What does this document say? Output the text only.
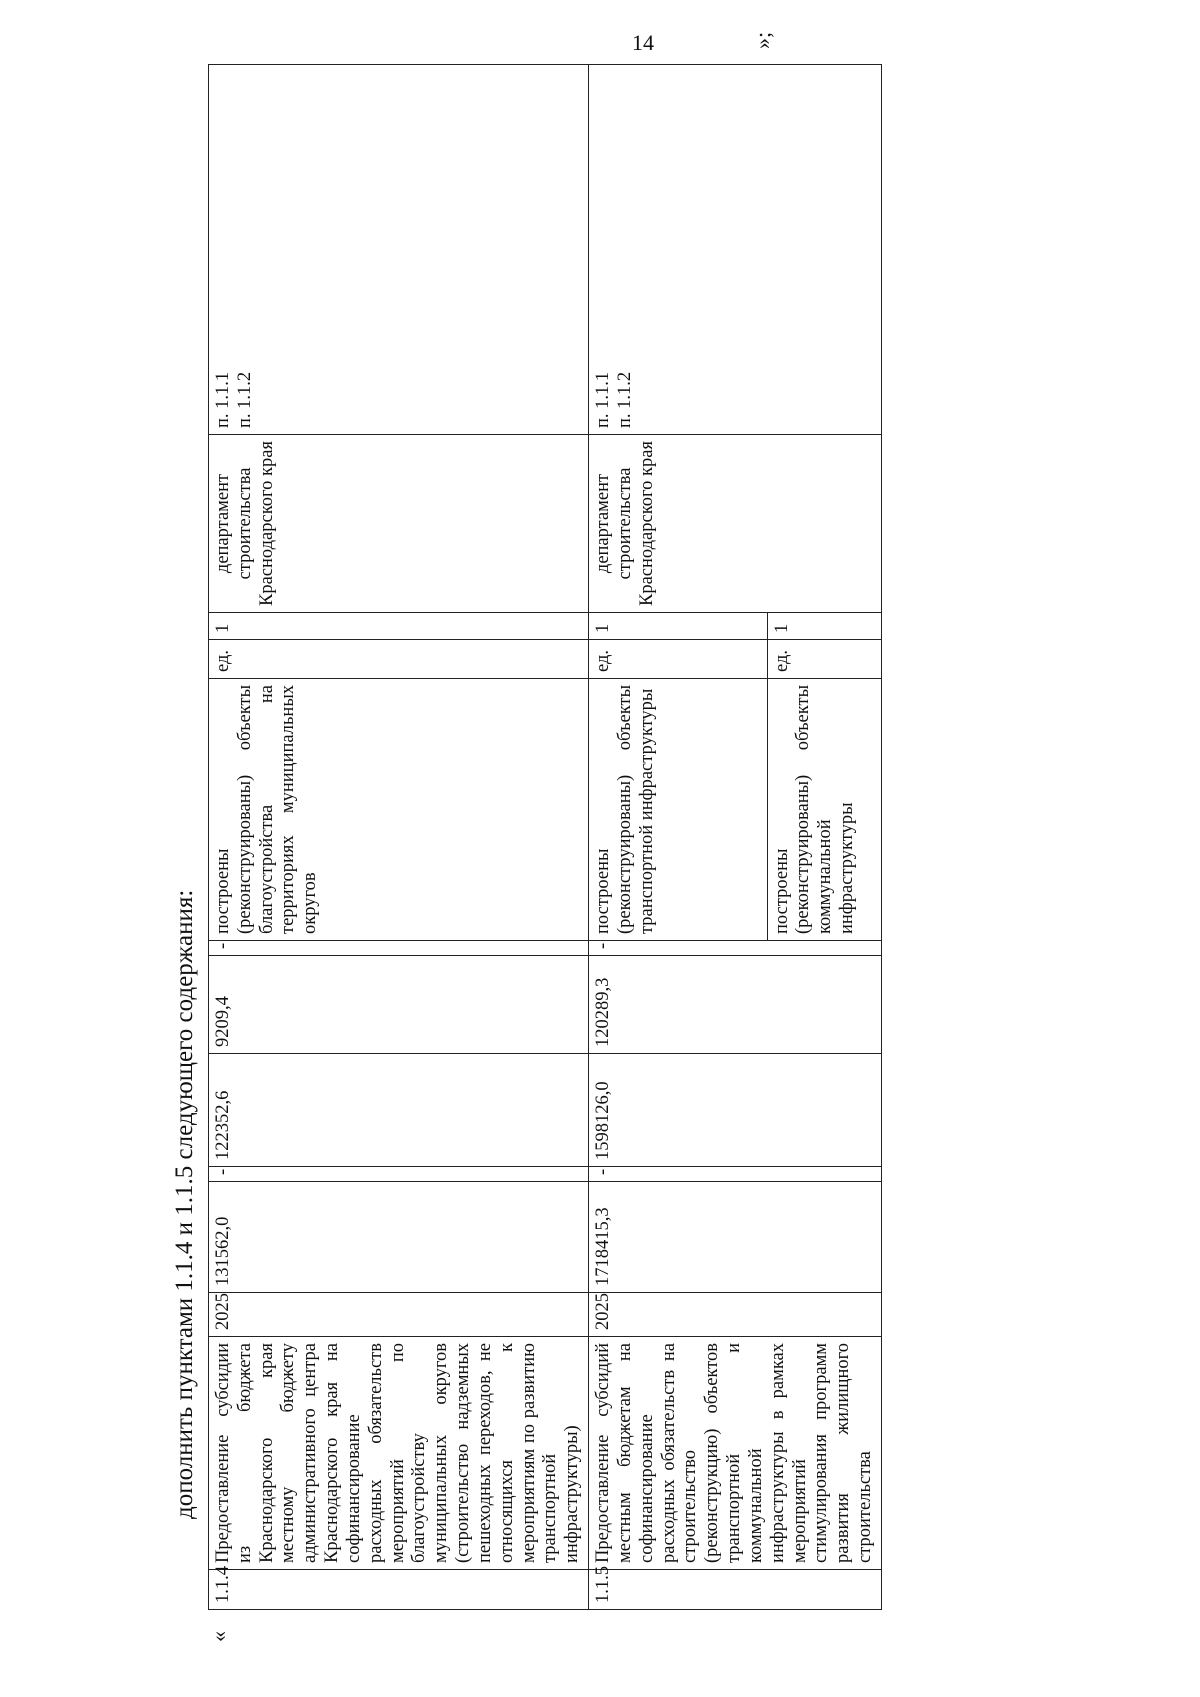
14
дополнить пунктами 1.1.4 и 1.1.5 следующего содержания:
«
1.1.4	Предоставление субсидии из бюджета Краснодарского края местному бюджету административного центра Краснодарского края на софинансирование расходных обязательств мероприятий по благоустройству муниципальных округов (строительство надземных пешеходных переходов, не относящихся к мероприятиям по развитию транспортной инфраструктуры)	2025	131562,0	-	122352,6	9209,4	-	построены (реконструированы) объекты благоустройства на территориях муниципальных округов	ед.	1	департамент строительства Краснодарского края	п. 1.1.1
п. 1.1.2
1.1.5	Предоставление субсидий местным бюджетам на софинансирование расходных обязательств на строительство (реконструкцию) объектов транспортной и коммунальной инфраструктуры в рамках мероприятий стимулирования программ развития жилищного строительства	2025	1718415,3	-	1598126,0	120289,3	-	построены (реконструированы) объекты транспортной инфраструктуры	ед.	1	департамент строительства Краснодарского края	п. 1.1.1
п. 1.1.2
								построены (реконструированы) объекты коммунальной инфраструктуры	ед.	1		
»;
